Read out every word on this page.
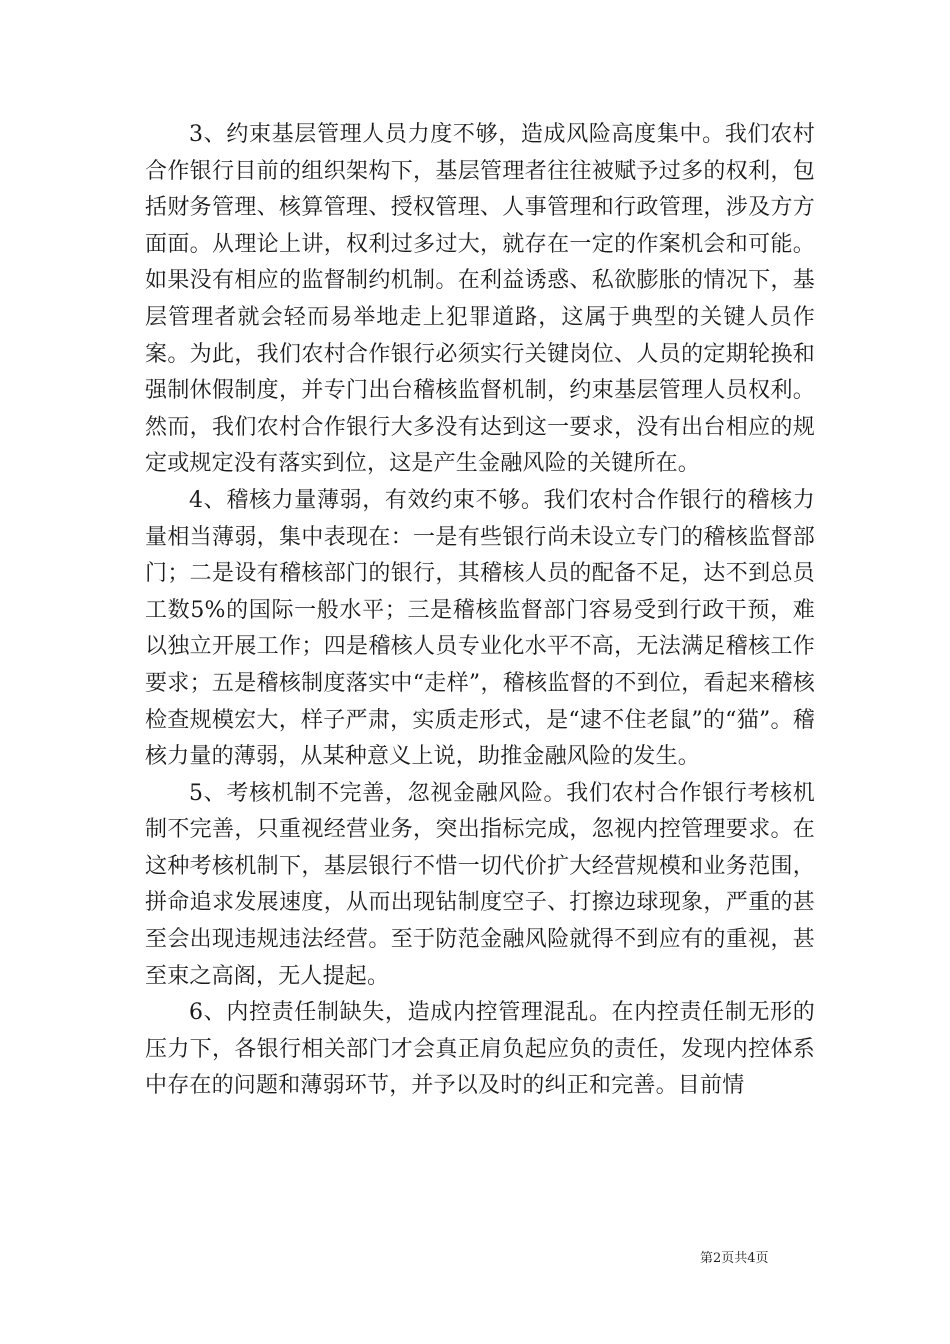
3、约束基层管理人员力度不够，造成风险高度集中。我们农村合作银行目前的组织架构下，基层管理者往往被赋予过多的权利，包括财务管理、核算管理、授权管理、人事管理和行政管理，涉及方方面面。从理论上讲，权利过多过大，就存在一定的作案机会和可能。如果没有相应的监督制约机制。在利益诱惑、私欲膨胀的情况下，基层管理者就会轻而易举地走上犯罪道路，这属于典型的关键人员作案。为此，我们农村合作银行必须实行关键岗位、人员的定期轮换和强制休假制度，并专门出台稽核监督机制，约束基层管理人员权利。然而，我们农村合作银行大多没有达到这一要求，没有出台相应的规定或规定没有落实到位，这是产生金融风险的关键所在。

4、稽核力量薄弱，有效约束不够。我们农村合作银行的稽核力量相当薄弱，集中表现在：一是有些银行尚未设立专门的稽核监督部门；二是设有稽核部门的银行，其稽核人员的配备不足，达不到总员工数5%的国际一般水平；三是稽核监督部门容易受到行政干预，难以独立开展工作；四是稽核人员专业化水平不高，无法满足稽核工作要求；五是稽核制度落实中“走样”，稽核监督的不到位，看起来稽核检查规模宏大，样子严肃，实质走形式，是“逮不住老鼠”的“猫”。稽核力量的薄弱，从某种意义上说，助推金融风险的发生。

5、考核机制不完善，忽视金融风险。我们农村合作银行考核机制不完善，只重视经营业务，突出指标完成，忽视内控管理要求。在这种考核机制下，基层银行不惜一切代价扩大经营规模和业务范围，拼命追求发展速度，从而出现钻制度空子、打擦边球现象，严重的甚至会出现违规违法经营。至于防范金融风险就得不到应有的重视，甚至束之高阁，无人提起。

6、内控责任制缺失，造成内控管理混乱。在内控责任制无形的压力下，各银行相关部门才会真正肩负起应负的责任，发现内控体系中存在的问题和薄弱环节，并予以及时的纠正和完善。目前情

第2页共4页
